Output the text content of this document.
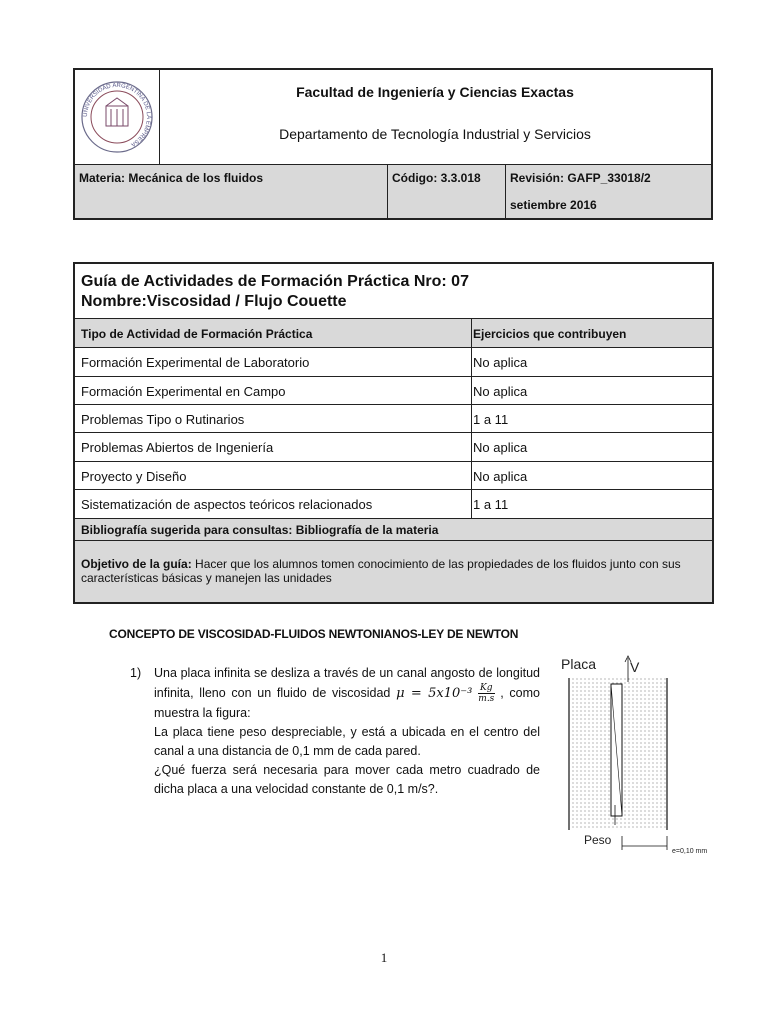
UNIVERSIDAD ARGENTINA DE LA EMPRESA
Facultad de Ingeniería y Ciencias Exactas
Departamento de Tecnología Industrial y Servicios
Materia: Mecánica de los fluidos	Código: 3.3.018	Revisión: GAFP_33018/2
setiembre 2016
Guía de Actividades de Formación Práctica Nro: 07
Nombre:Viscosidad / Flujo Couette
Tipo de Actividad de Formación Práctica	Ejercicios que contribuyen
Formación Experimental de Laboratorio	No aplica
Formación Experimental en Campo	No aplica
Problemas Tipo o Rutinarios	1 a 11
Problemas Abiertos de Ingeniería	No aplica
Proyecto y Diseño	No aplica
Sistematización de aspectos teóricos relacionados	1 a 11
Bibliografía sugerida para consultas: Bibliografía de la materia
Objetivo de la guía: Hacer que los alumnos tomen conocimiento de las propiedades de los fluidos junto con sus características básicas y manejen las unidades
CONCEPTO DE VISCOSIDAD-FLUIDOS NEWTONIANOS-LEY DE NEWTON
1) Una placa infinita se desliza a través de un canal angosto de longitud infinita, lleno con un fluido de viscosidad $\mu = 5x10^{-3} \frac{Kg}{m.s}$ , como muestra la figura:
La placa tiene peso despreciable, y está a ubicada en el centro del canal a una distancia de 0,1 mm de cada pared.
¿Qué fuerza será necesaria para mover cada metro cuadrado de dicha placa a una velocidad constante de 0,1 m/s?.
Placa V
Peso
e=0,10 mm
1
